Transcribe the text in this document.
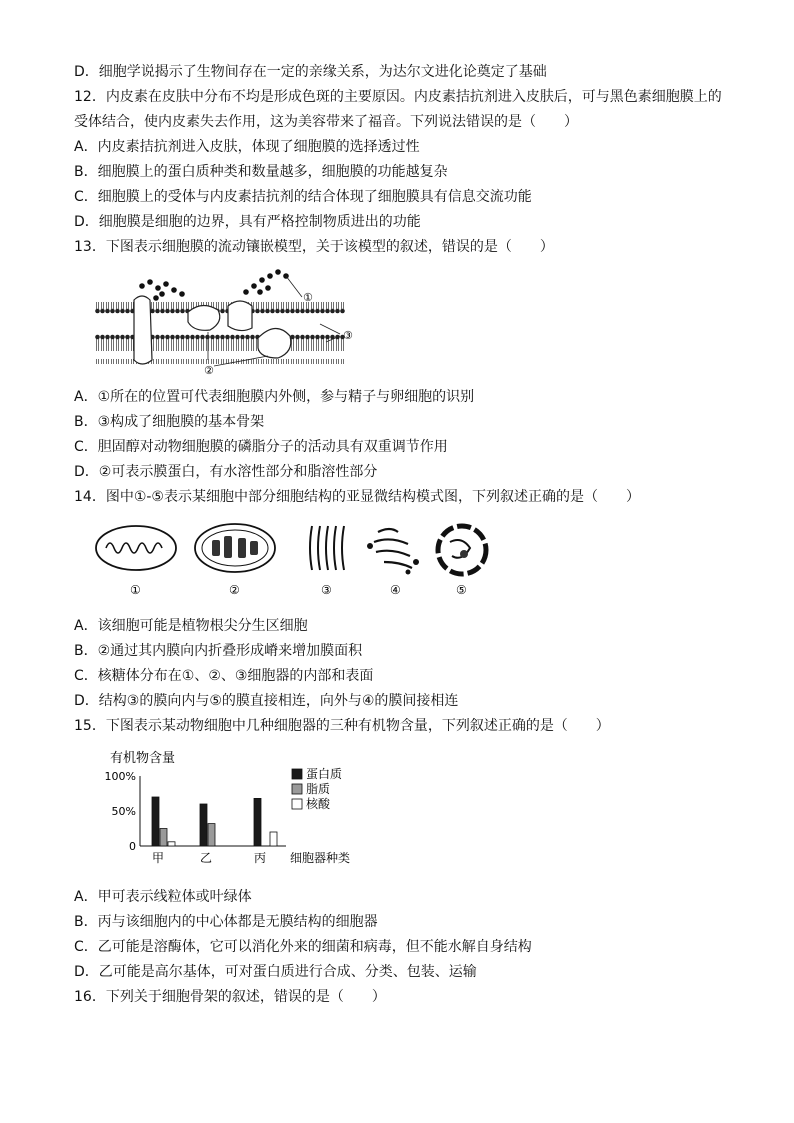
D．细胞学说揭示了生物间存在一定的亲缘关系，为达尔文进化论奠定了基础
12．内皮素在皮肤中分布不均是形成色斑的主要原因。内皮素拮抗剂进入皮肤后，可与黑色素细胞膜上的
受体结合，使内皮素失去作用，这为美容带来了福音。下列说法错误的是（　　）
A．内皮素拮抗剂进入皮肤，体现了细胞膜的选择透过性
B．细胞膜上的蛋白质种类和数量越多，细胞膜的功能越复杂
C．细胞膜上的受体与内皮素拮抗剂的结合体现了细胞膜具有信息交流功能
D．细胞膜是细胞的边界，具有严格控制物质进出的功能
13．下图表示细胞膜的流动镶嵌模型，关于该模型的叙述，错误的是（　　）
A．①所在的位置可代表细胞膜内外侧，参与精子与卵细胞的识别
B．③构成了细胞膜的基本骨架
C．胆固醇对动物细胞膜的磷脂分子的活动具有双重调节作用
D．②可表示膜蛋白，有水溶性部分和脂溶性部分
14．图中①-⑤表示某细胞中部分细胞结构的亚显微结构模式图，下列叙述正确的是（　　）
A．该细胞可能是植物根尖分生区细胞
B．②通过其内膜向内折叠形成嵴来增加膜面积
C．核糖体分布在①、②、③细胞器的内部和表面
D．结构③的膜向内与⑤的膜直接相连，向外与④的膜间接相连
15．下图表示某动物细胞中几种细胞器的三种有机物含量，下列叙述正确的是（　　）
A．甲可表示线粒体或叶绿体
B．丙与该细胞内的中心体都是无膜结构的细胞器
C．乙可能是溶酶体，它可以消化外来的细菌和病毒，但不能水解自身结构
D．乙可能是高尔基体，可对蛋白质进行合成、分类、包装、运输
16．下列关于细胞骨架的叙述，错误的是（　　）
①
②
③
①	②	③	④	⑤
有机物含量
细胞器种类
100%
50%
0
甲	乙	丙
蛋白质
脂质
核酸
